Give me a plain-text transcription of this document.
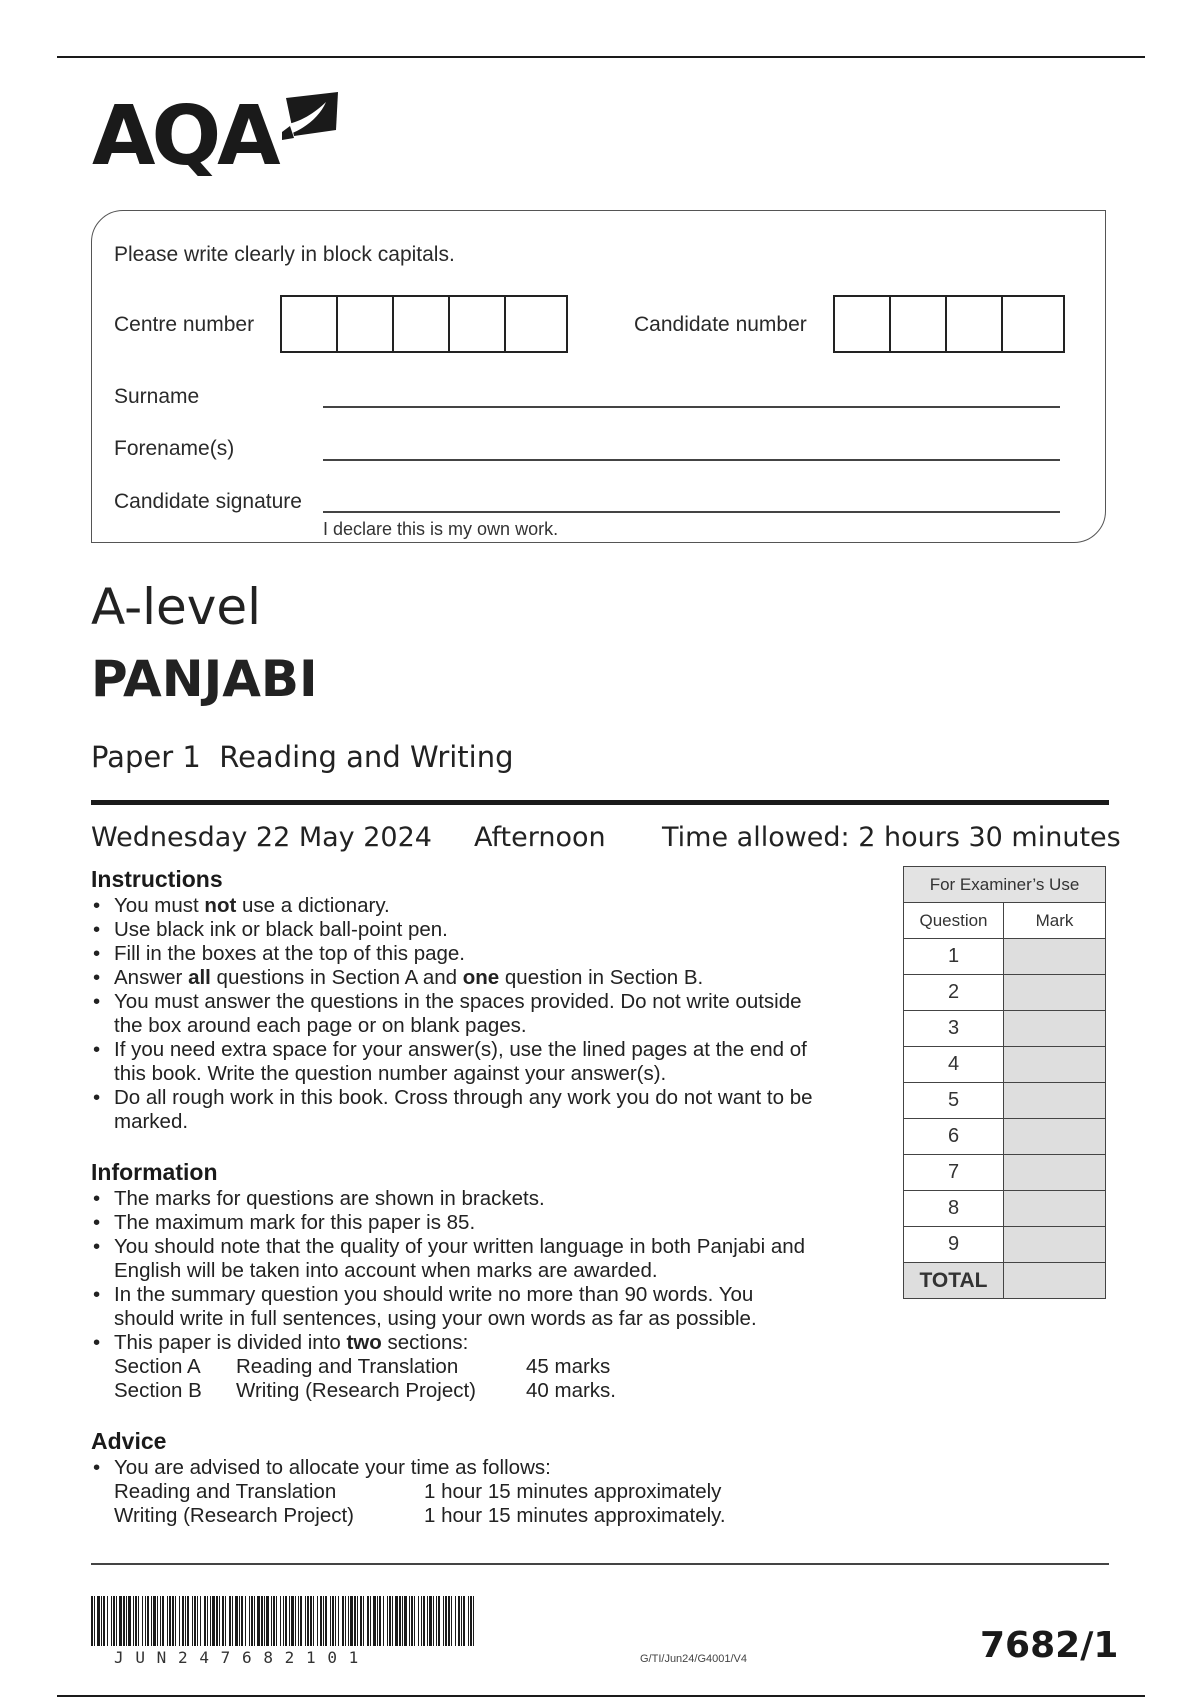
AQA
Please write clearly in block capitals.
Centre number	Candidate number
Surname
Forename(s)
Candidate signature
I declare this is my own work.
A-level
PANJABI
Paper 1  Reading and Writing
Wednesday 22 May 2024 Afternoon Time allowed: 2 hours 30 minutes
Instructions
• You must not use a dictionary.
• Use black ink or black ball-point pen.
• Fill in the boxes at the top of this page.
• Answer all questions in Section A and one question in Section B.
• You must answer the questions in the spaces provided. Do not write outside
the box around each page or on blank pages.
• If you need extra space for your answer(s), use the lined pages at the end of
this book. Write the question number against your answer(s).
• Do all rough work in this book. Cross through any work you do not want to be
marked.
Information
• The marks for questions are shown in brackets.
• The maximum mark for this paper is 85.
• You should note that the quality of your written language in both Panjabi and
English will be taken into account when marks are awarded.
• In the summary question you should write no more than 90 words. You
should write in full sentences, using your own words as far as possible.
• This paper is divided into two sections:
Section A	Reading and Translation	45 marks
Section B	Writing (Research Project)	40 marks.
Advice
• You are advised to allocate your time as follows:
Reading and Translation	1 hour 15 minutes approximately
Writing (Research Project)	1 hour 15 minutes approximately.
For Examiner’s Use	
Question	Mark
1	
2	
3	
4	
5	
6	
7	
8	
9	
TOTAL	
JUN247682101	G/TI/Jun24/G4001/V4	7682/1
